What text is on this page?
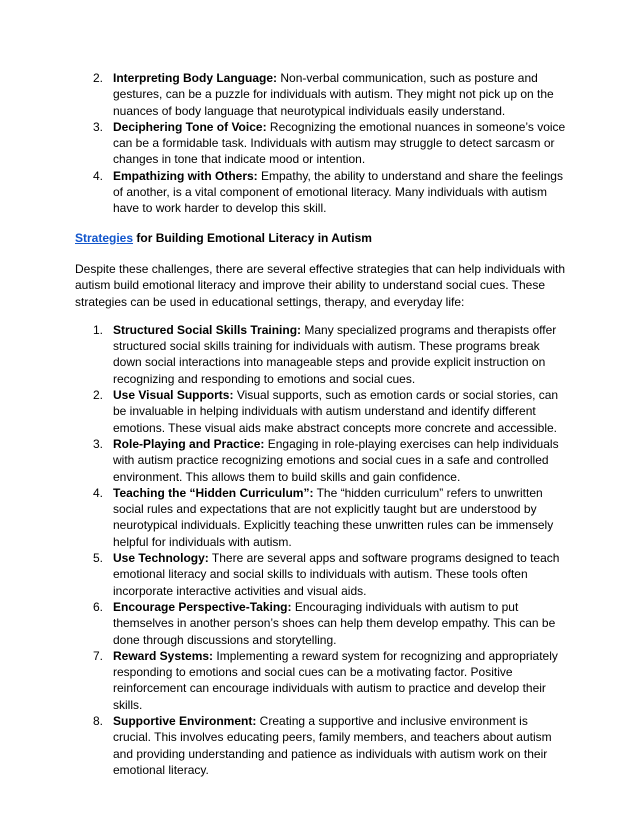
2. Interpreting Body Language: Non-verbal communication, such as posture and gestures, can be a puzzle for individuals with autism. They might not pick up on the nuances of body language that neurotypical individuals easily understand.
3. Deciphering Tone of Voice: Recognizing the emotional nuances in someone’s voice can be a formidable task. Individuals with autism may struggle to detect sarcasm or changes in tone that indicate mood or intention.
4. Empathizing with Others: Empathy, the ability to understand and share the feelings of another, is a vital component of emotional literacy. Many individuals with autism have to work harder to develop this skill.
Strategies for Building Emotional Literacy in Autism

Despite these challenges, there are several effective strategies that can help individuals with autism build emotional literacy and improve their ability to understand social cues. These strategies can be used in educational settings, therapy, and everyday life:

1. Structured Social Skills Training: Many specialized programs and therapists offer structured social skills training for individuals with autism. These programs break down social interactions into manageable steps and provide explicit instruction on recognizing and responding to emotions and social cues.
2. Use Visual Supports: Visual supports, such as emotion cards or social stories, can be invaluable in helping individuals with autism understand and identify different emotions. These visual aids make abstract concepts more concrete and accessible.
3. Role-Playing and Practice: Engaging in role-playing exercises can help individuals with autism practice recognizing emotions and social cues in a safe and controlled environment. This allows them to build skills and gain confidence.
4. Teaching the “Hidden Curriculum”: The “hidden curriculum” refers to unwritten social rules and expectations that are not explicitly taught but are understood by neurotypical individuals. Explicitly teaching these unwritten rules can be immensely helpful for individuals with autism.
5. Use Technology: There are several apps and software programs designed to teach emotional literacy and social skills to individuals with autism. These tools often incorporate interactive activities and visual aids.
6. Encourage Perspective-Taking: Encouraging individuals with autism to put themselves in another person’s shoes can help them develop empathy. This can be done through discussions and storytelling.
7. Reward Systems: Implementing a reward system for recognizing and appropriately responding to emotions and social cues can be a motivating factor. Positive reinforcement can encourage individuals with autism to practice and develop their skills.
8. Supportive Environment: Creating a supportive and inclusive environment is crucial. This involves educating peers, family members, and teachers about autism and providing understanding and patience as individuals with autism work on their emotional literacy.
